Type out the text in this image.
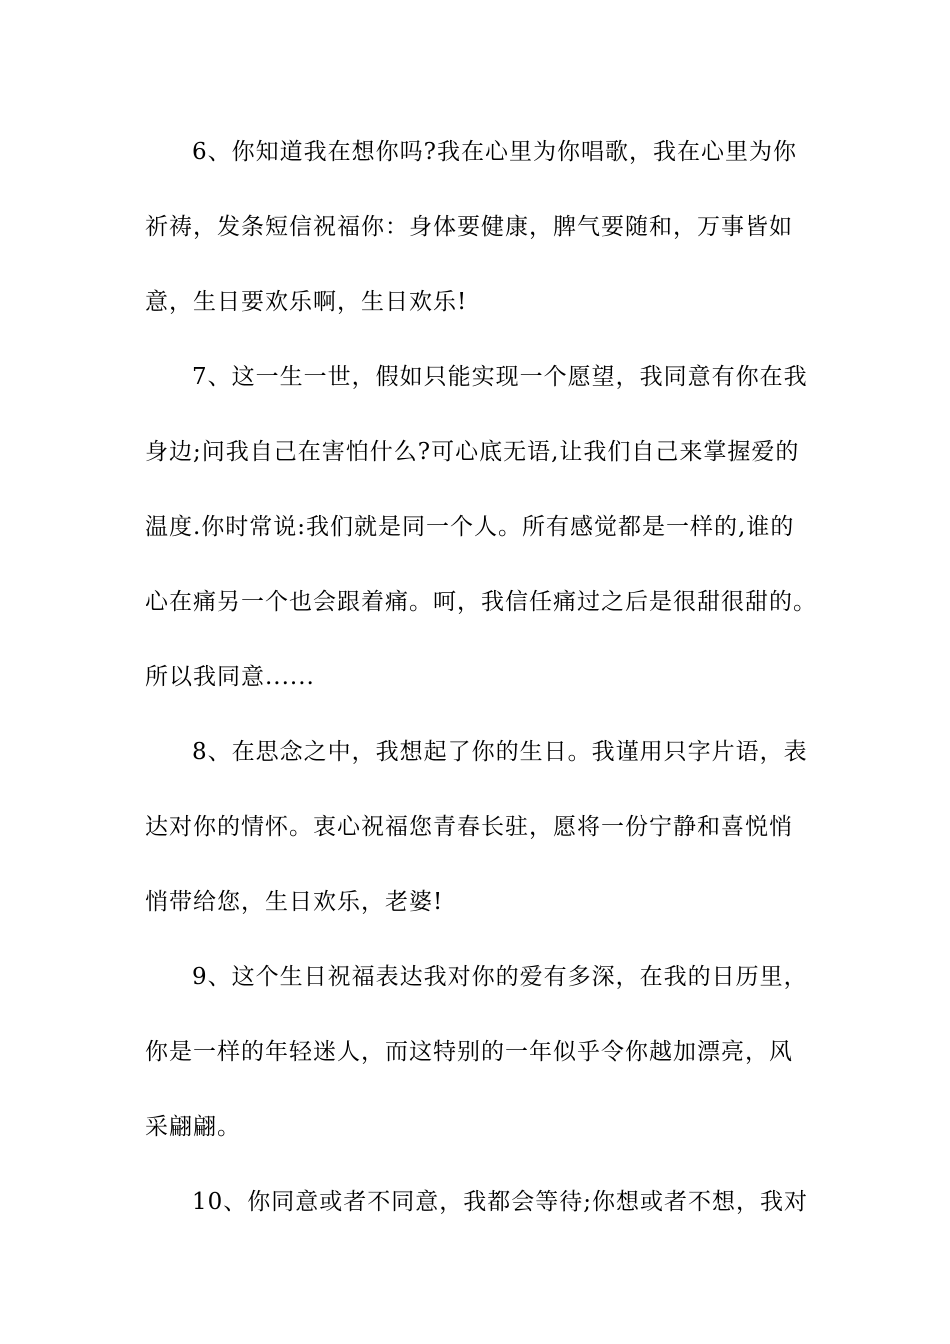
6、你知道我在想你吗?我在心里为你唱歌，我在心里为你
祈祷，发条短信祝福你：身体要健康，脾气要随和，万事皆如
意，生日要欢乐啊，生日欢乐!
7、这一生一世，假如只能实现一个愿望，我同意有你在我
身边;问我自己在害怕什么?可心底无语,让我们自己来掌握爱的
温度.你时常说:我们就是同一个人。所有感觉都是一样的,谁的
心在痛另一个也会跟着痛。呵，我信任痛过之后是很甜很甜的。
所以我同意......
8、在思念之中，我想起了你的生日。我谨用只字片语，表
达对你的情怀。衷心祝福您青春长驻，愿将一份宁静和喜悦悄
悄带给您，生日欢乐，老婆!
9、这个生日祝福表达我对你的爱有多深，在我的日历里，
你是一样的年轻迷人，而这特别的一年似乎令你越加漂亮，风
采翩翩。
10、你同意或者不同意，我都会等待;你想或者不想，我对
